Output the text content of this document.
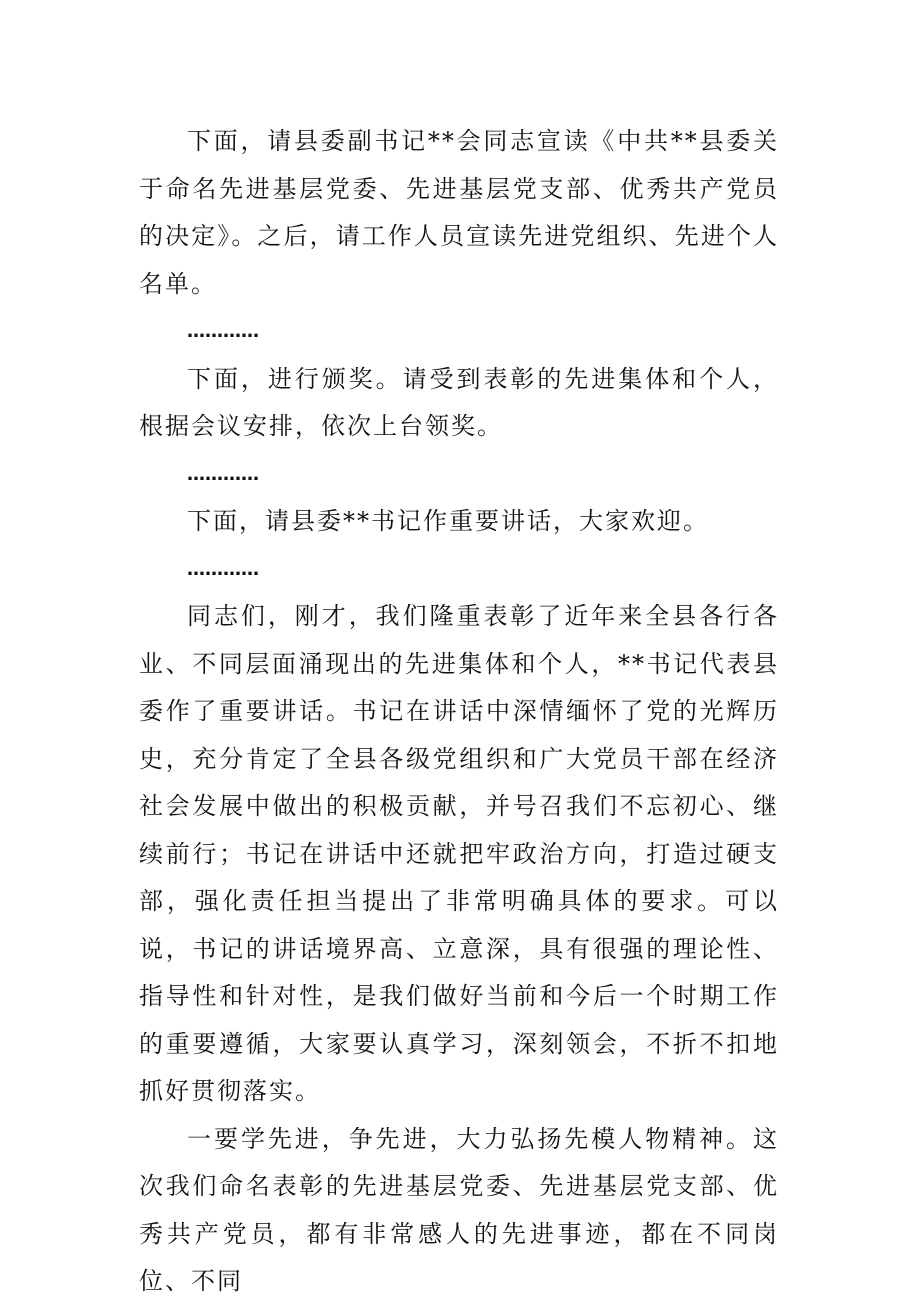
下面，请县委副书记**会同志宣读《中共**县委关于命名先进基层党委、先进基层党支部、优秀共产党员的决定》。之后，请工作人员宣读先进党组织、先进个人名单。

…………

下面，进行颁奖。请受到表彰的先进集体和个人，根据会议安排，依次上台领奖。

…………

下面，请县委**书记作重要讲话，大家欢迎。

…………

同志们，刚才，我们隆重表彰了近年来全县各行各业、不同层面涌现出的先进集体和个人，**书记代表县委作了重要讲话。书记在讲话中深情缅怀了党的光辉历史，充分肯定了全县各级党组织和广大党员干部在经济社会发展中做出的积极贡献，并号召我们不忘初心、继续前行；书记在讲话中还就把牢政治方向，打造过硬支部，强化责任担当提出了非常明确具体的要求。可以说，书记的讲话境界高、立意深，具有很强的理论性、指导性和针对性，是我们做好当前和今后一个时期工作的重要遵循，大家要认真学习，深刻领会，不折不扣地抓好贯彻落实。

一要学先进，争先进，大力弘扬先模人物精神。这次我们命名表彰的先进基层党委、先进基层党支部、优秀共产党员，都有非常感人的先进事迹，都在不同岗位、不同
